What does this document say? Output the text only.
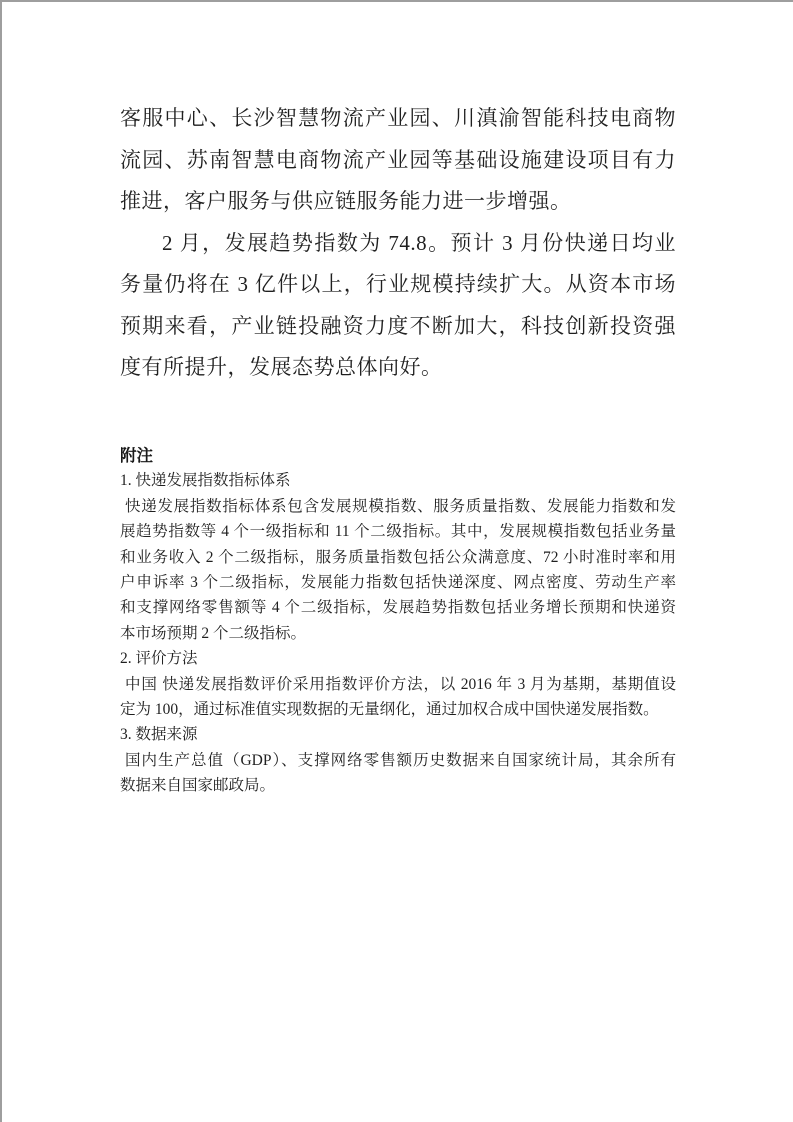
客服中心、长沙智慧物流产业园、川滇渝智能科技电商物
流园、苏南智慧电商物流产业园等基础设施建设项目有力
推进，客户服务与供应链服务能力进一步增强。
2 月，发展趋势指数为 74.8。预计 3 月份快递日均业
务量仍将在 3 亿件以上，行业规模持续扩大。从资本市场
预期来看，产业链投融资力度不断加大，科技创新投资强
度有所提升，发展态势总体向好。
附注
1. 快递发展指数指标体系
快递发展指数指标体系包含发展规模指数、服务质量指数、发展能力指数和发
展趋势指数等 4 个一级指标和 11 个二级指标。其中，发展规模指数包括业务量
和业务收入 2 个二级指标，服务质量指数包括公众满意度、72 小时准时率和用
户申诉率 3 个二级指标，发展能力指数包括快递深度、网点密度、劳动生产率
和支撑网络零售额等 4 个二级指标，发展趋势指数包括业务增长预期和快递资
本市场预期 2 个二级指标。
2. 评价方法
中国 快递发展指数评价采用指数评价方法，以 2016 年 3 月为基期，基期值设
定为 100，通过标准值实现数据的无量纲化，通过加权合成中国快递发展指数。
3. 数据来源
国内生产总值（GDP）、支撑网络零售额历史数据来自国家统计局，其余所有
数据来自国家邮政局。
